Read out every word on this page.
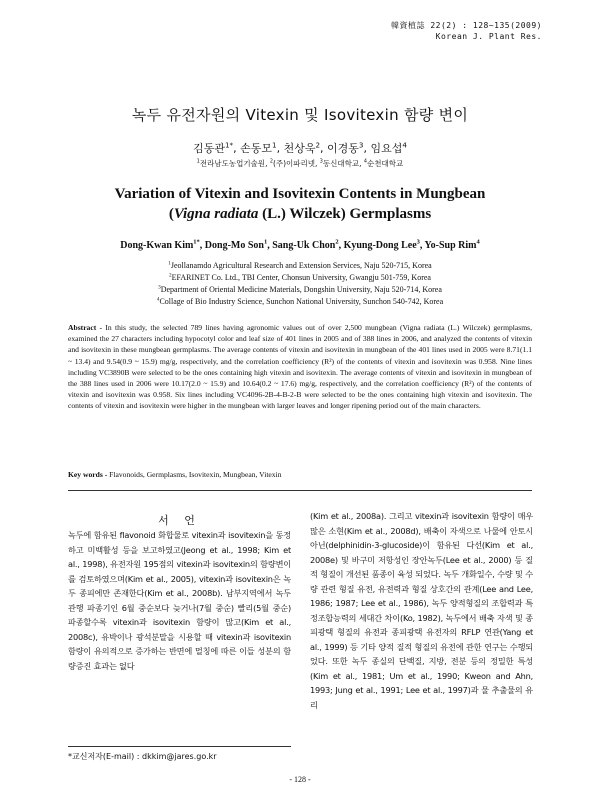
韓資植誌 22(2) : 128~135(2009)
Korean J. Plant Res.
녹두 유전자원의 Vitexin 및 Isovitexin 함량 변이
김동관$^{1*}$, 손동모$^1$, 천상욱$^2$, 이경동$^3$, 임요섭$^4$
$^1$전라남도농업기술원, $^2$(주)이파리넷, $^3$동신대학교, $^4$순천대학교
Variation of Vitexin and Isovitexin Contents in Mungbean
(Vigna radiata (L.) Wilczek) Germplasms
Dong-Kwan Kim$^{1*}$, Dong-Mo Son$^1$, Sang-Uk Chon$^2$, Kyung-Dong Lee$^3$, Yo-Sup Rim$^4$
$^1$Jeollanamdo Agricultural Research and Extension Services, Naju 520-715, Korea
$^2$EFARINET Co. Ltd., TBI Center, Chonsun University, Gwangju 501-759, Korea
$^3$Department of Oriental Medicine Materials, Dongshin University, Naju 520-714, Korea
$^4$Collage of Bio Industry Science, Sunchon National University, Sunchon 540-742, Korea
Abstract - In this study, the selected 789 lines having agronomic values out of over 2,500 mungbean (Vigna radiata (L.) Wilczek) germplasms, examined the 27 characters including hypocotyl color and leaf size of 401 lines in 2005 and of 388 lines in 2006, and analyzed the contents of vitexin and isovitexin in these mungbean germplasms. The average contents of vitexin and isovitexin in mungbean of the 401 lines used in 2005 were 8.71(1.1 ~ 13.4) and 9.54(0.9 ~ 15.9) mg/g, respectively, and the correlation coefficiency (R²) of the contents of vitexin and isovitexin was 0.958. Nine lines including VC3890B were selected to be the ones containing high vitexin and isovitexin. The average contents of vitexin and isovitexin in mungbean of the 388 lines used in 2006 were 10.17(2.0 ~ 15.9) and 10.64(0.2 ~ 17.6) mg/g, respectively, and the correlation coefficiency (R²) of the contents of vitexin and isovitexin was 0.958. Six lines including VC4096-2B-4-B-2-B were selected to be the ones containing high vitexin and isovitexin. The contents of vitexin and isovitexin were higher in the mungbean with larger leaves and longer ripening period out of the main characters.
Key words - Flavonoids, Germplasms, Isovitexin, Mungbean, Vitexin
서 언
녹두에 함유된 flavonoid 화합물로 vitexin과 isovitexin을 동정하고 미백활성 등을 보고하였고(Jeong et al., 1998; Kim et al., 1998), 유전자원 195점의 vitexin과 isovitexin의 함량변이를 검토하였으며(Kim et al., 2005), vitexin과 isovitexin은 녹두 종피에만 존재한다(Kim et al., 2008b). 남부지역에서 녹두 관행 파종기인 6월 중순보다 늦거나(7월 중순) 빨리(5월 중순) 파종할수록 vitexin과 isovitexin 함량이 많고(Kim et al., 2008c), 유박이나 광석분말을 시용할 때 vitexin과 isovitexin 함량이 유의적으로 증가하는 반면에 멀칭에 따른 이들 성분의 함량증진 효과는 없다
(Kim et al., 2008a). 그리고 vitexin과 isovitexin 함량이 매우 많은 소현(Kim et al., 2008d), 배축이 자색으로 나물에 안토시아닌(delphinidin-3-glucoside)이 함유된 다선(Kim et al., 2008e) 및 바구미 저항성인 장안녹두(Lee et al., 2000) 등 질적 형질이 개선된 품종이 육성 되었다. 녹두 개화일수, 수량 및 수량 관련 형질 유전, 유전력과 형질 상호간의 관계(Lee and Lee, 1986; 1987; Lee et al., 1986), 녹두 양적형질의 조합력과 특정조합능력의 세대간 차이(Ko, 1982), 녹두에서 배축 자색 및 종피광택 형질의 유전과 종피광택 유전자의 RFLP 연관(Yang et al., 1999) 등 기타 양적 질적 형질의 유전에 관한 연구는 수행되었다. 또한 녹두 종실의 단백질, 지방, 전분 등의 정밀한 특성(Kim et al., 1981; Um et al., 1990; Kweon and Ahn, 1993; Jung et al., 1991; Lee et al., 1997)과 물 추출물의 유리
*교신저자(E-mail) : dkkim@jares.go.kr
- 128 -
